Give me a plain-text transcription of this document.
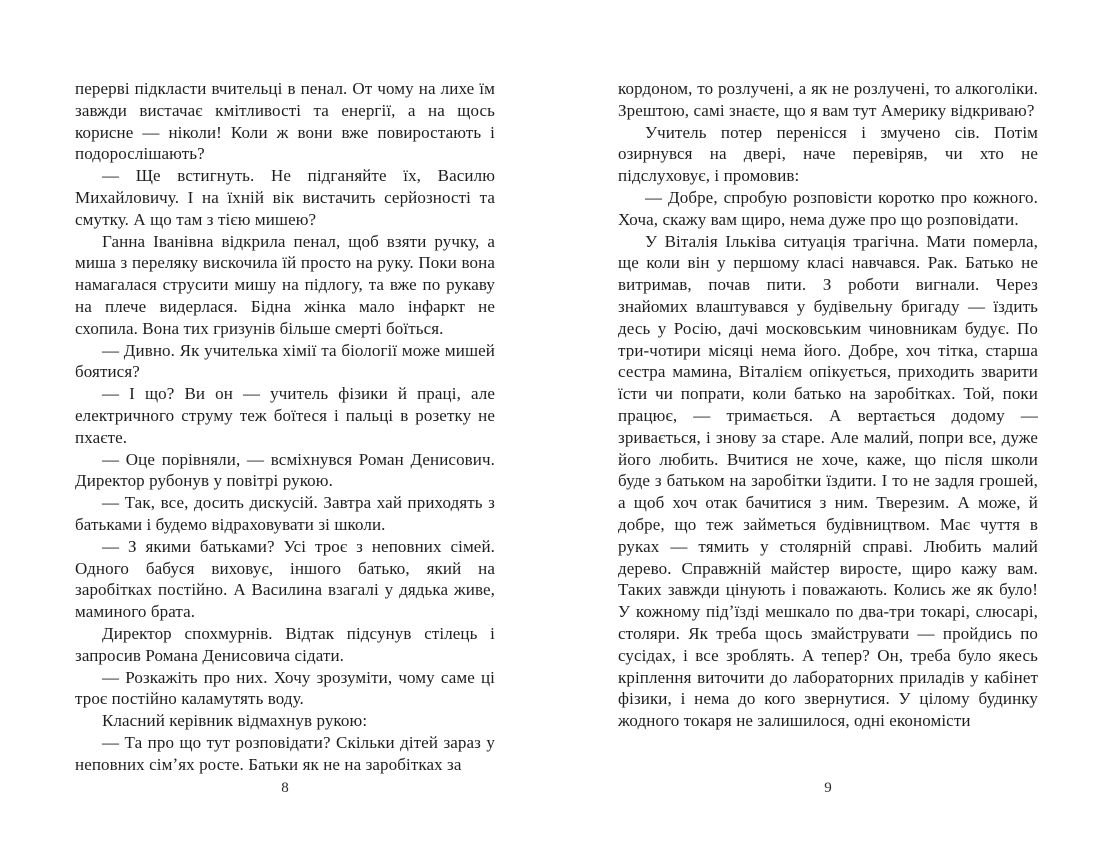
перерві підкласти вчительці в пенал. От чому на лихе їм завжди вистачає кмітливості та енергії, а на щось корисне — ніколи! Коли ж вони вже повиростають і подорослішають?

— Ще встигнуть. Не підганяйте їх, Василю Михайловичу. І на їхній вік вистачить серйозності та смутку. А що там з тією мишею?

Ганна Іванівна відкрила пенал, щоб взяти ручку, а миша з переляку вискочила їй просто на руку. Поки вона намагалася струсити мишу на підлогу, та вже по рукаву на плече видерлася. Бідна жінка мало інфаркт не схопила. Вона тих гризунів більше смерті боїться.

— Дивно. Як учителька хімії та біології може мишей боятися?

— І що? Ви он — учитель фізики й праці, але електричного струму теж боїтеся і пальці в розетку не пхаєте.

— Оце порівняли, — всміхнувся Роман Денисович. Директор рубонув у повітрі рукою.

— Так, все, досить дискусій. Завтра хай приходять з батьками і будемо відраховувати зі школи.

— З якими батьками? Усі троє з неповних сімей. Одного бабуся виховує, іншого батько, який на заробітках постійно. А Василина взагалі у дядька живе, маминого брата.

Директор спохмурнів. Відтак підсунув стілець і запросив Романа Денисовича сідати.

— Розкажіть про них. Хочу зрозуміти, чому саме ці троє постійно каламутять воду.

Класний керівник відмахнув рукою:

— Та про що тут розповідати? Скільки дітей зараз у неповних сімʼях росте. Батьки як не на заробітках за

кордоном, то розлучені, а як не розлучені, то алкоголіки. Зрештою, самі знаєте, що я вам тут Америку відкриваю?

Учитель потер перенісся і змучено сів. Потім озирнувся на двері, наче перевіряв, чи хто не підслуховує, і промовив:

— Добре, спробую розповісти коротко про кожного. Хоча, скажу вам щиро, нема дуже про що розповідати.

У Віталія Ільківа ситуація трагічна. Мати померла, ще коли він у першому класі навчався. Рак. Батько не витримав, почав пити. З роботи вигнали. Через знайомих влаштувався у будівельну бригаду — їздить десь у Росію, дачі московським чиновникам будує. По три-чотири місяці нема його. Добре, хоч тітка, старша сестра мамина, Віталієм опікується, приходить зварити їсти чи попрати, коли батько на заробітках. Той, поки працює, — тримається. А вертається додому — зривається, і знову за старе. Але малий, попри все, дуже його любить. Вчитися не хоче, каже, що після школи буде з батьком на заробітки їздити. І то не задля грошей, а щоб хоч отак бачитися з ним. Тверезим. А може, й добре, що теж займеться будівництвом. Має чуття в руках — тямить у столярній справі. Любить малий дерево. Справжній майстер виросте, щиро кажу вам. Таких завжди цінують і поважають. Колись же як було! У кожному підʼїзді мешкало по два-три токарі, слюсарі, столяри. Як треба щось змайструвати — пройдись по сусідах, і все зроблять. А тепер? Он, треба було якесь кріплення виточити до лабораторних приладів у кабінет фізики, і нема до кого звернутися. У цілому будинку жодного токаря не залишилося, одні економісти

8	9
